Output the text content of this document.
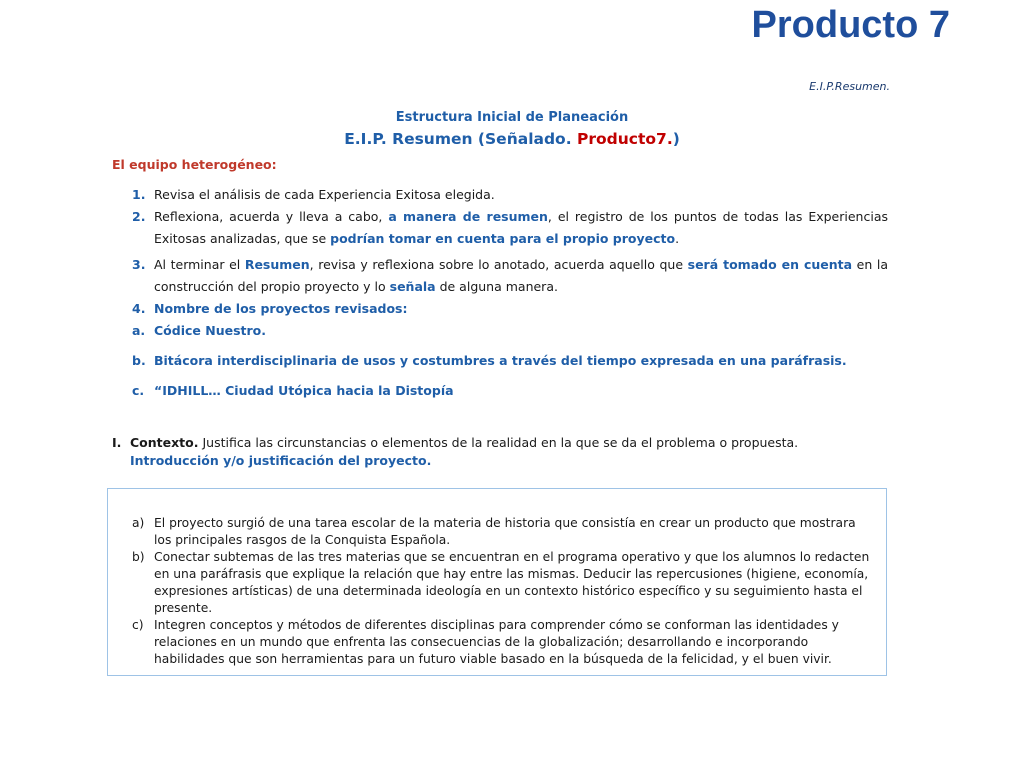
Producto 7
E.I.P.Resumen.
Estructura Inicial de Planeación
E.I.P. Resumen (Señalado. Producto7.)
El equipo heterogéneo:
1. Revisa el análisis de cada Experiencia Exitosa elegida.
2. Reflexiona, acuerda y lleva a cabo, a manera de resumen, el registro de los puntos de todas las Experiencias Exitosas analizadas, que se podrían tomar en cuenta para el propio proyecto.
3. Al terminar el Resumen, revisa y reflexiona sobre lo anotado, acuerda aquello que será tomado en cuenta en la construcción del propio proyecto y lo señala de alguna manera.
4. Nombre de los proyectos revisados:
a. Códice Nuestro.
b. Bitácora interdisciplinaria de usos y costumbres a través del tiempo expresada en una paráfrasis.
c. “IDHILL… Ciudad Utópica hacia la Distopía
I. Contexto. Justifica las circunstancias o elementos de la realidad en la que se da el problema o propuesta.
Introducción y/o justificación del proyecto.
a) El proyecto surgió de una tarea escolar de la materia de historia que consistía en crear un producto que mostrara los principales rasgos de la Conquista Española.
b) Conectar subtemas de las tres materias que se encuentran en el programa operativo y que los alumnos lo redacten en una paráfrasis que explique la relación que hay entre las mismas. Deducir las repercusiones (higiene, economía, expresiones artísticas) de una determinada ideología en un contexto histórico específico y su seguimiento hasta el presente.
c) Integren conceptos y métodos de diferentes disciplinas para comprender cómo se conforman las identidades y relaciones en un mundo que enfrenta las consecuencias de la globalización; desarrollando e incorporando habilidades que son herramientas para un futuro viable basado en la búsqueda de la felicidad, y el buen vivir.
